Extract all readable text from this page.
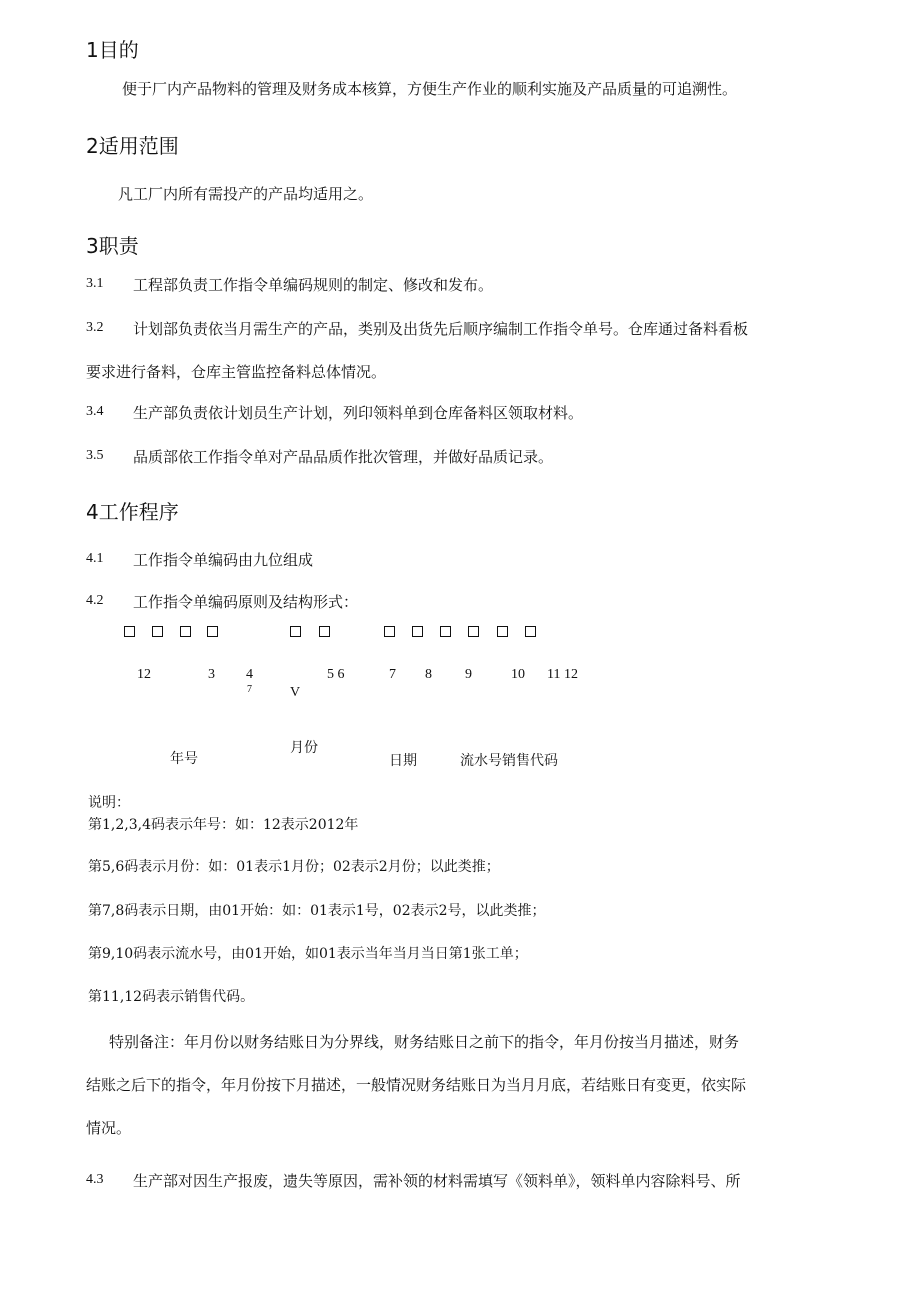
1目的
便于厂内产品物料的管理及财务成本核算，方便生产作业的顺利实施及产品质量的可追溯性。
2适用范围
凡工厂内所有需投产的产品均适用之。
3职责
3.1 工程部负责工作指令单编码规则的制定、修改和发布。
3.2 计划部负责依当月需生产的产品，类别及出货先后顺序编制工作指令单号。仓库通过备料看板
要求进行备料，仓库主管监控备料总体情况。
3.4 生产部负责依计划员生产计划，列印领料单到仓库备料区领取材料。
3.5 品质部依工作指令单对产品品质作批次管理，并做好品质记录。
4工作程序
4.1 工作指令单编码由九位组成
4.2 工作指令单编码原则及结构形式：
12	3 4	5 6	7 8 9	10 11 12
7	V
年号
月份
日期	流水号销售代码
说明：
第1,2,3,4码表示年号：如：12表示2012年
第5,6码表示月份：如：01表示1月份；02表示2月份；以此类推；
第7,8码表示日期，由01开始：如：01表示1号，02表示2号，以此类推；
第9,10码表示流水号，由01开始，如01表示当年当月当日第1张工单；
第11,12码表示销售代码。
特别备注：年月份以财务结账日为分界线，财务结账日之前下的指令，年月份按当月描述，财务
结账之后下的指令，年月份按下月描述，一般情况财务结账日为当月月底，若结账日有变更，依实际
情况。
4.3 生产部对因生产报废，遗失等原因，需补领的材料需填写《领料单》，领料单内容除料号、所
